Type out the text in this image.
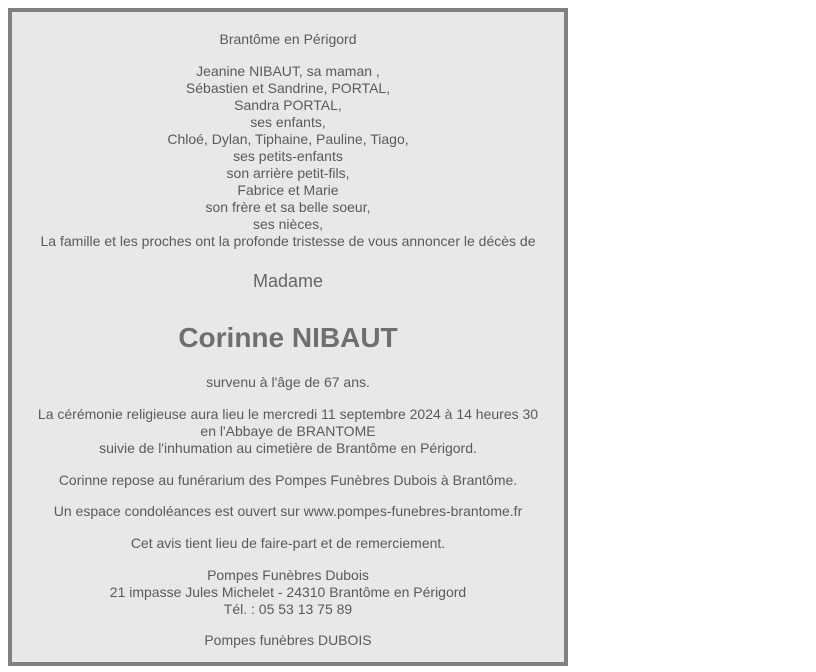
Brantôme en Périgord
Jeanine NIBAUT, sa maman ,
Sébastien et Sandrine, PORTAL,
Sandra PORTAL,
ses enfants,
Chloé, Dylan, Tiphaine, Pauline, Tiago,
ses petits-enfants
son arrière petit-fils,
Fabrice et Marie
son frère et sa belle soeur,
ses nièces,
La famille et les proches ont la profonde tristesse de vous annoncer le décès de
Madame
Corinne NIBAUT
survenu à l'âge de 67 ans.
La cérémonie religieuse aura lieu le mercredi 11 septembre 2024 à 14 heures 30
en l'Abbaye de BRANTOME
suivie de l'inhumation au cimetière de Brantôme en Périgord.
Corinne repose au funérarium des Pompes Funèbres Dubois à Brantôme.
Un espace condoléances est ouvert sur www.pompes-funebres-brantome.fr
Cet avis tient lieu de faire-part et de remerciement.
Pompes Funèbres Dubois
21 impasse Jules Michelet - 24310 Brantôme en Périgord
Tél. : 05 53 13 75 89
Pompes funèbres DUBOIS
